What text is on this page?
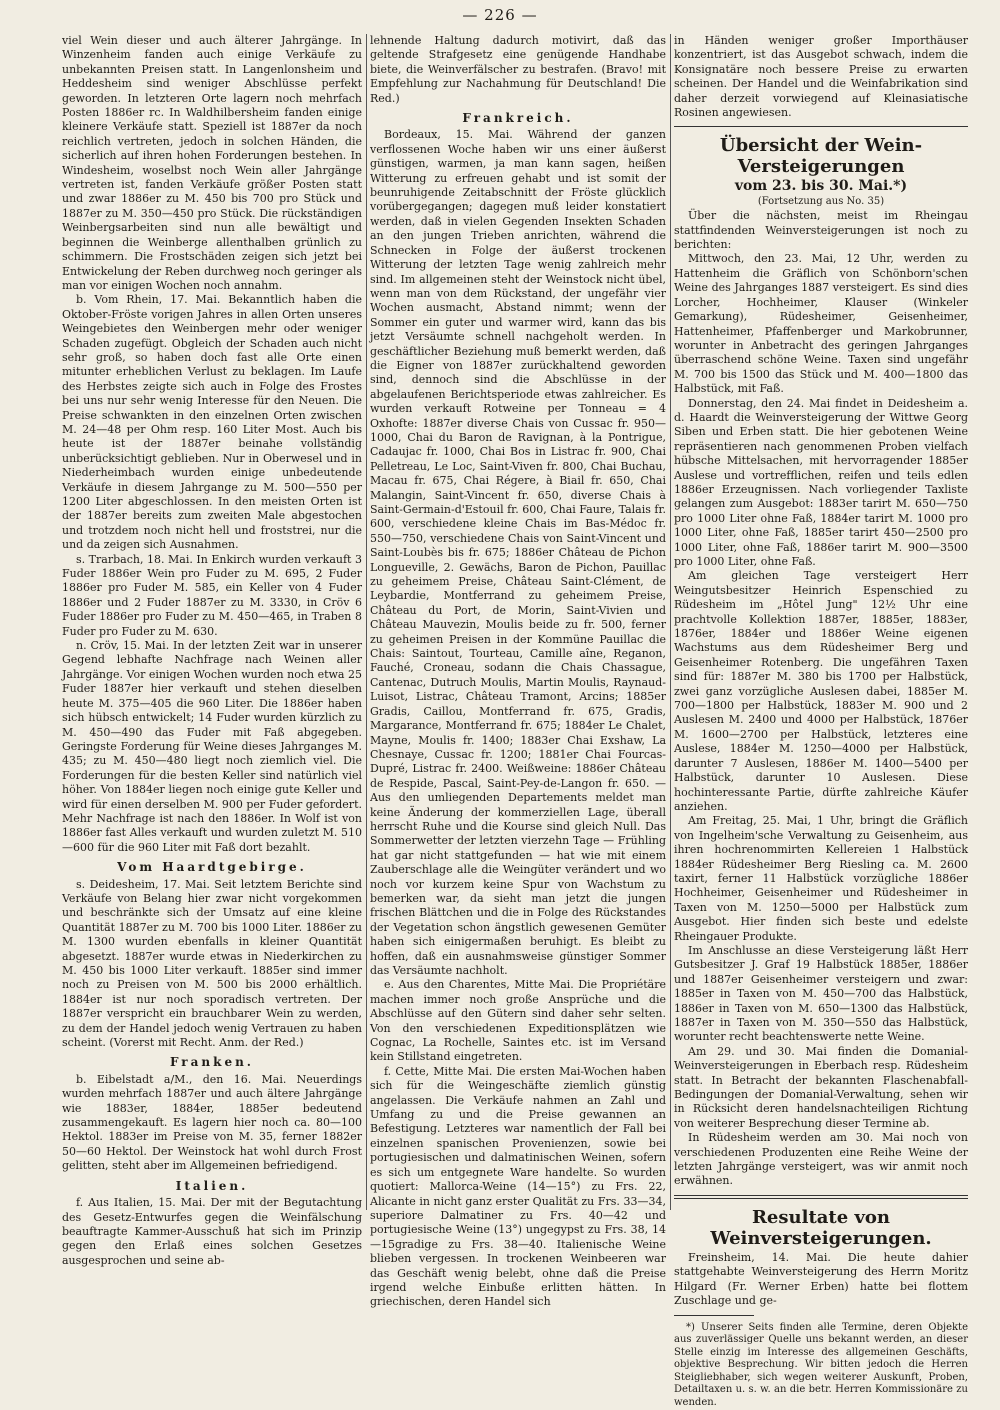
— 226 —

viel Wein dieser und auch älterer Jahrgänge. In Winzenheim fanden auch einige Verkäufe zu unbekannten Preisen statt. In Langenlonsheim und Heddesheim sind weniger Abschlüsse perfekt geworden. In letzteren Orte lagern noch mehrfach Posten 1886er rc. In Waldhilbersheim fanden einige kleinere Verkäufe statt. Speziell ist 1887er da noch reichlich vertreten, jedoch in solchen Händen, die sicherlich auf ihren hohen Forderungen bestehen. In Windesheim, woselbst noch Wein aller Jahrgänge vertreten ist, fanden Verkäufe größer Posten statt und zwar 1886er zu M. 450 bis 700 pro Stück und 1887er zu M. 350—450 pro Stück. Die rückständigen Weinbergsarbeiten sind nun alle bewältigt und beginnen die Weinberge allenthalben grünlich zu schimmern. Die Frostschäden zeigen sich jetzt bei Entwickelung der Reben durchweg noch geringer als man vor einigen Wochen noch annahm.

b. Vom Rhein, 17. Mai. Bekanntlich haben die Oktober-Fröste vorigen Jahres in allen Orten unseres Weingebietes den Weinbergen mehr oder weniger Schaden zugefügt. Obgleich der Schaden auch nicht sehr groß, so haben doch fast alle Orte einen mitunter erheblichen Verlust zu beklagen. Im Laufe des Herbstes zeigte sich auch in Folge des Frostes bei uns nur sehr wenig Interesse für den Neuen. Die Preise schwankten in den einzelnen Orten zwischen M. 24—48 per Ohm resp. 160 Liter Most. Auch bis heute ist der 1887er beinahe vollständig unberücksichtigt geblieben. Nur in Oberwesel und in Niederheimbach wurden einige unbedeutende Verkäufe in diesem Jahrgange zu M. 500—550 per 1200 Liter abgeschlossen. In den meisten Orten ist der 1887er bereits zum zweiten Male abgestochen und trotzdem noch nicht hell und froststrei, nur die und da zeigen sich Ausnahmen.

s. Trarbach, 18. Mai. In Enkirch wurden verkauft 3 Fuder 1886er Wein pro Fuder zu M. 695, 2 Fuder 1886er pro Fuder M. 585, ein Keller von 4 Fuder 1886er und 2 Fuder 1887er zu M. 3330, in Cröv 6 Fuder 1886er pro Fuder zu M. 450—465, in Traben 8 Fuder pro Fuder zu M. 630.

n. Cröv, 15. Mai. In der letzten Zeit war in unserer Gegend lebhafte Nachfrage nach Weinen aller Jahrgänge. Vor einigen Wochen wurden noch etwa 25 Fuder 1887er hier verkauft und stehen dieselben heute M. 375—405 die 960 Liter. Die 1886er haben sich hübsch entwickelt; 14 Fuder wurden kürzlich zu M. 450—490 das Fuder mit Faß abgegeben. Geringste Forderung für Weine dieses Jahrganges M. 435; zu M. 450—480 liegt noch ziemlich viel. Die Forderungen für die besten Keller sind natürlich viel höher. Von 1884er liegen noch einige gute Keller und wird für einen derselben M. 900 per Fuder gefordert. Mehr Nachfrage ist nach den 1886er. In Wolf ist von 1886er fast Alles verkauft und wurden zuletzt M. 510—600 für die 960 Liter mit Faß dort bezahlt.

Vom Haardtgebirge.

s. Deidesheim, 17. Mai. Seit letztem Berichte sind Verkäufe von Belang hier zwar nicht vorgekommen und beschränkte sich der Umsatz auf eine kleine Quantität 1887er zu M. 700 bis 1000 Liter. 1886er zu M. 1300 wurden ebenfalls in kleiner Quantität abgesetzt. 1887er wurde etwas in Niederkirchen zu M. 450 bis 1000 Liter verkauft. 1885er sind immer noch zu Preisen von M. 500 bis 2000 erhältlich. 1884er ist nur noch sporadisch vertreten. Der 1887er verspricht ein brauchbarer Wein zu werden, zu dem der Handel jedoch wenig Vertrauen zu haben scheint. (Vorerst mit Recht. Anm. der Red.)

Franken.

b. Eibelstadt a/M., den 16. Mai. Neuerdings wurden mehrfach 1887er und auch ältere Jahrgänge wie 1883er, 1884er, 1885er bedeutend zusammengekauft. Es lagern hier noch ca. 80—100 Hektol. 1883er im Preise von M. 35, ferner 1882er 50—60 Hektol. Der Weinstock hat wohl durch Frost gelitten, steht aber im Allgemeinen befriedigend.

Italien.

f. Aus Italien, 15. Mai. Der mit der Begutachtung des Gesetz-Entwurfes gegen die Weinfälschung beauftragte Kammer-Ausschuß hat sich im Prinzip gegen den Erlaß eines solchen Gesetzes ausgesprochen und seine ab-

lehnende Haltung dadurch motivirt, daß das geltende Strafgesetz eine genügende Handhabe biete, die Weinverfälscher zu bestrafen. (Bravo! mit Empfehlung zur Nachahmung für Deutschland! Die Red.)

Frankreich.

Bordeaux, 15. Mai. Während der ganzen verflossenen Woche haben wir uns einer äußerst günstigen, warmen, ja man kann sagen, heißen Witterung zu erfreuen gehabt und ist somit der beunruhigende Zeitabschnitt der Fröste glücklich vorübergegangen; dagegen muß leider konstatiert werden, daß in vielen Gegenden Insekten Schaden an den jungen Trieben anrichten, während die Schnecken in Folge der äußerst trockenen Witterung der letzten Tage wenig zahlreich mehr sind. Im allgemeinen steht der Weinstock nicht übel, wenn man von dem Rückstand, der ungefähr vier Wochen ausmacht, Abstand nimmt; wenn der Sommer ein guter und warmer wird, kann das bis jetzt Versäumte schnell nachgeholt werden. In geschäftlicher Beziehung muß bemerkt werden, daß die Eigner von 1887er zurückhaltend geworden sind, dennoch sind die Abschlüsse in der abgelaufenen Berichtsperiode etwas zahlreicher. Es wurden verkauft Rotweine per Tonneau = 4 Oxhofte: 1887er diverse Chais von Cussac fr. 950—1000, Chai du Baron de Ravignan, à la Pontrigue, Cadaujac fr. 1000, Chai Bos in Listrac fr. 900, Chai Pelletreau, Le Loc, Saint-Viven fr. 800, Chai Buchau, Macau fr. 675, Chai Régere, à Biail fr. 650, Chai Malangin, Saint-Vincent fr. 650, diverse Chais à Saint-Germain-d'Estouil fr. 600, Chai Faure, Talais fr. 600, verschiedene kleine Chais im Bas-Médoc fr. 550—750, verschiedene Chais von Saint-Vincent und Saint-Loubès bis fr. 675; 1886er Château de Pichon Longueville, 2. Gewächs, Baron de Pichon, Pauillac zu geheimem Preise, Château Saint-Clément, de Leybardie, Montferrand zu geheimem Preise, Château du Port, de Morin, Saint-Vivien und Château Mauvezin, Moulis beide zu fr. 500, ferner zu geheimen Preisen in der Kommüne Pauillac die Chais: Saintout, Tourteau, Camille aîne, Reganon, Fauché, Croneau, sodann die Chais Chassague, Cantenac, Dutruch Moulis, Martin Moulis, Raynaud-Luisot, Listrac, Château Tramont, Arcins; 1885er Gradis, Caillou, Montferrand fr. 675, Gradis, Margarance, Montferrand fr. 675; 1884er Le Chalet, Mayne, Moulis fr. 1400; 1883er Chai Exshaw, La Chesnaye, Cussac fr. 1200; 1881er Chai Fourcas-Dupré, Listrac fr. 2400. Weißweine: 1886er Château de Respide, Pascal, Saint-Pey-de-Langon fr. 650. — Aus den umliegenden Departements meldet man keine Änderung der kommerziellen Lage, überall herrscht Ruhe und die Kourse sind gleich Null. Das Sommerwetter der letzten vierzehn Tage — Frühling hat gar nicht stattgefunden — hat wie mit einem Zauberschlage alle die Weingüter verändert und wo noch vor kurzem keine Spur von Wachstum zu bemerken war, da sieht man jetzt die jungen frischen Blättchen und die in Folge des Rückstandes der Vegetation schon ängstlich gewesenen Gemüter haben sich einigermaßen beruhigt. Es bleibt zu hoffen, daß ein ausnahmsweise günstiger Sommer das Versäumte nachholt.

e. Aus den Charentes, Mitte Mai. Die Propriétäre machen immer noch große Ansprüche und die Abschlüsse auf den Gütern sind daher sehr selten. Von den verschiedenen Expeditionsplätzen wie Cognac, La Rochelle, Saintes etc. ist im Versand kein Stillstand eingetreten.

f. Cette, Mitte Mai. Die ersten Mai-Wochen haben sich für die Weingeschäfte ziemlich günstig angelassen. Die Verkäufe nahmen an Zahl und Umfang zu und die Preise gewannen an Befestigung. Letzteres war namentlich der Fall bei einzelnen spanischen Provenienzen, sowie bei portugiesischen und dalmatinischen Weinen, sofern es sich um entgegnete Ware handelte. So wurden quotiert: Mallorca-Weine (14—15°) zu Frs. 22, Alicante in nicht ganz erster Qualität zu Frs. 33—34, superiore Dalmatiner zu Frs. 40—42 und portugiesische Weine (13°) ungegypst zu Frs. 38, 14—15gradige zu Frs. 38—40. Italienische Weine blieben vergessen. In trockenen Weinbeeren war das Geschäft wenig belebt, ohne daß die Preise irgend welche Einbuße erlitten hätten. In griechischen, deren Handel sich

in Händen weniger großer Importhäuser konzentriert, ist das Ausgebot schwach, indem die Konsignatäre noch bessere Preise zu erwarten scheinen. Der Handel und die Weinfabrikation sind daher derzeit vorwiegend auf Kleinasiatische Rosinen angewiesen.

Übersicht der Wein-Versteigerungen
vom 23. bis 30. Mai.*)
(Fortsetzung aus No. 35)

Über die nächsten, meist im Rheingau stattfindenden Weinversteigerungen ist noch zu berichten:

Mittwoch, den 23. Mai, 12 Uhr, werden zu Hattenheim die Gräflich von Schönborn'schen Weine des Jahrganges 1887 versteigert. Es sind dies Lorcher, Hochheimer, Klauser (Winkeler Gemarkung), Rüdesheimer, Geisenheimer, Hattenheimer, Pfaffenberger und Markobrunner, worunter in Anbetracht des geringen Jahrganges überraschend schöne Weine. Taxen sind ungefähr M. 700 bis 1500 das Stück und M. 400—1800 das Halbstück, mit Faß.

Donnerstag, den 24. Mai findet in Deidesheim a. d. Haardt die Weinversteigerung der Wittwe Georg Siben und Erben statt. Die hier gebotenen Weine repräsentieren nach genommenen Proben vielfach hübsche Mittelsachen, mit hervorragender 1885er Auslese und vortrefflichen, reifen und teils edlen 1886er Erzeugnissen. Nach vorliegender Taxliste gelangen zum Ausgebot: 1883er tarirt M. 650—750 pro 1000 Liter ohne Faß, 1884er tarirt M. 1000 pro 1000 Liter, ohne Faß, 1885er tarirt 450—2500 pro 1000 Liter, ohne Faß, 1886er tarirt M. 900—3500 pro 1000 Liter, ohne Faß.

Am gleichen Tage versteigert Herr Weingutsbesitzer Heinrich Espenschied zu Rüdesheim im „Hôtel Jung" 12½ Uhr eine prachtvolle Kollektion 1887er, 1885er, 1883er, 1876er, 1884er und 1886er Weine eigenen Wachstums aus dem Rüdesheimer Berg und Geisenheimer Rotenberg. Die ungefähren Taxen sind für: 1887er M. 380 bis 1700 per Halbstück, zwei ganz vorzügliche Auslesen dabei, 1885er M. 700—1800 per Halbstück, 1883er M. 900 und 2 Auslesen M. 2400 und 4000 per Halbstück, 1876er M. 1600—2700 per Halbstück, letzteres eine Auslese, 1884er M. 1250—4000 per Halbstück, darunter 7 Auslesen, 1886er M. 1400—5400 per Halbstück, darunter 10 Auslesen. Diese hochinteressante Partie, dürfte zahlreiche Käufer anziehen.

Am Freitag, 25. Mai, 1 Uhr, bringt die Gräflich von Ingelheim'sche Verwaltung zu Geisenheim, aus ihren hochrenommirten Kellereien 1 Halbstück 1884er Rüdesheimer Berg Riesling ca. M. 2600 taxirt, ferner 11 Halbstück vorzügliche 1886er Hochheimer, Geisenheimer und Rüdesheimer in Taxen von M. 1250—5000 per Halbstück zum Ausgebot. Hier finden sich beste und edelste Rheingauer Produkte.

Im Anschlusse an diese Versteigerung läßt Herr Gutsbesitzer J. Graf 19 Halbstück 1885er, 1886er und 1887er Geisenheimer versteigern und zwar: 1885er in Taxen von M. 450—700 das Halbstück, 1886er in Taxen von M. 650—1300 das Halbstück, 1887er in Taxen von M. 350—550 das Halbstück, worunter recht beachtenswerte nette Weine.

Am 29. und 30. Mai finden die Domanial-Weinversteigerungen in Eberbach resp. Rüdesheim statt. In Betracht der bekannten Flaschenabfall-Bedingungen der Domanial-Verwaltung, sehen wir in Rücksicht deren handelsnachteiligen Richtung von weiterer Besprechung dieser Termine ab.

In Rüdesheim werden am 30. Mai noch von verschiedenen Produzenten eine Reihe Weine der letzten Jahrgänge versteigert, was wir anmit noch erwähnen.

Resultate von Weinversteigerungen.

Freinsheim, 14. Mai. Die heute dahier stattgehabte Weinversteigerung des Herrn Moritz Hilgard (Fr. Werner Erben) hatte bei flottem Zuschlage und ge-

*) Unserer Seits finden alle Termine, deren Objekte aus zuverlässiger Quelle uns bekannt werden, an dieser Stelle einzig im Interesse des allgemeinen Geschäfts, objektive Besprechung. Wir bitten jedoch die Herren Steigliebhaber, sich wegen weiterer Auskunft, Proben, Detailtaxen u. s. w. an die betr. Herren Kommissionäre zu wenden.
